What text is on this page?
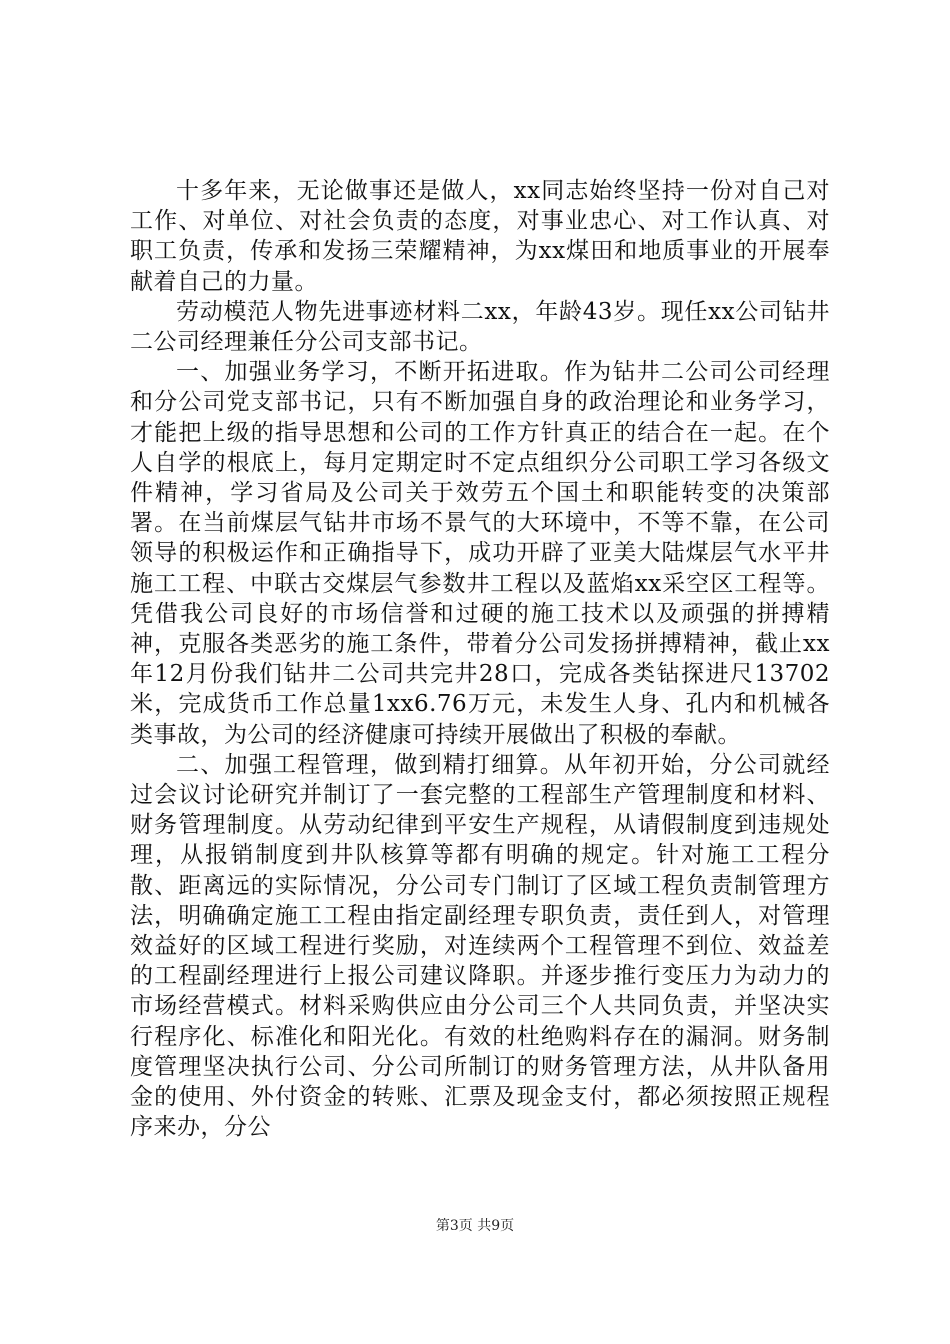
十多年来，无论做事还是做人，xx同志始终坚持一份对自己对工作、对单位、对社会负责的态度，对事业忠心、对工作认真、对职工负责，传承和发扬三荣耀精神，为xx煤田和地质事业的开展奉献着自己的力量。

劳动模范人物先进事迹材料二xx，年龄43岁。现任xx公司钻井二公司经理兼任分公司支部书记。

一、加强业务学习，不断开拓进取。作为钻井二公司公司经理和分公司党支部书记，只有不断加强自身的政治理论和业务学习，才能把上级的指导思想和公司的工作方针真正的结合在一起。在个人自学的根底上，每月定期定时不定点组织分公司职工学习各级文件精神，学习省局及公司关于效劳五个国土和职能转变的决策部署。在当前煤层气钻井市场不景气的大环境中，不等不靠，在公司领导的积极运作和正确指导下，成功开辟了亚美大陆煤层气水平井施工工程、中联古交煤层气参数井工程以及蓝焰xx采空区工程等。凭借我公司良好的市场信誉和过硬的施工技术以及顽强的拼搏精神，克服各类恶劣的施工条件，带着分公司发扬拼搏精神，截止xx年12月份我们钻井二公司共完井28口，完成各类钻探进尺13702米，完成货币工作总量1xx6.76万元，未发生人身、孔内和机械各类事故，为公司的经济健康可持续开展做出了积极的奉献。

二、加强工程管理，做到精打细算。从年初开始，分公司就经过会议讨论研究并制订了一套完整的工程部生产管理制度和材料、财务管理制度。从劳动纪律到平安生产规程，从请假制度到违规处理，从报销制度到井队核算等都有明确的规定。针对施工工程分散、距离远的实际情况，分公司专门制订了区域工程负责制管理方法，明确确定施工工程由指定副经理专职负责，责任到人，对管理效益好的区域工程进行奖励，对连续两个工程管理不到位、效益差的工程副经理进行上报公司建议降职。并逐步推行变压力为动力的市场经营模式。材料采购供应由分公司三个人共同负责，并坚决实行程序化、标准化和阳光化。有效的杜绝购料存在的漏洞。财务制度管理坚决执行公司、分公司所制订的财务管理方法，从井队备用金的使用、外付资金的转账、汇票及现金支付，都必须按照正规程序来办，分公

第3页 共9页
